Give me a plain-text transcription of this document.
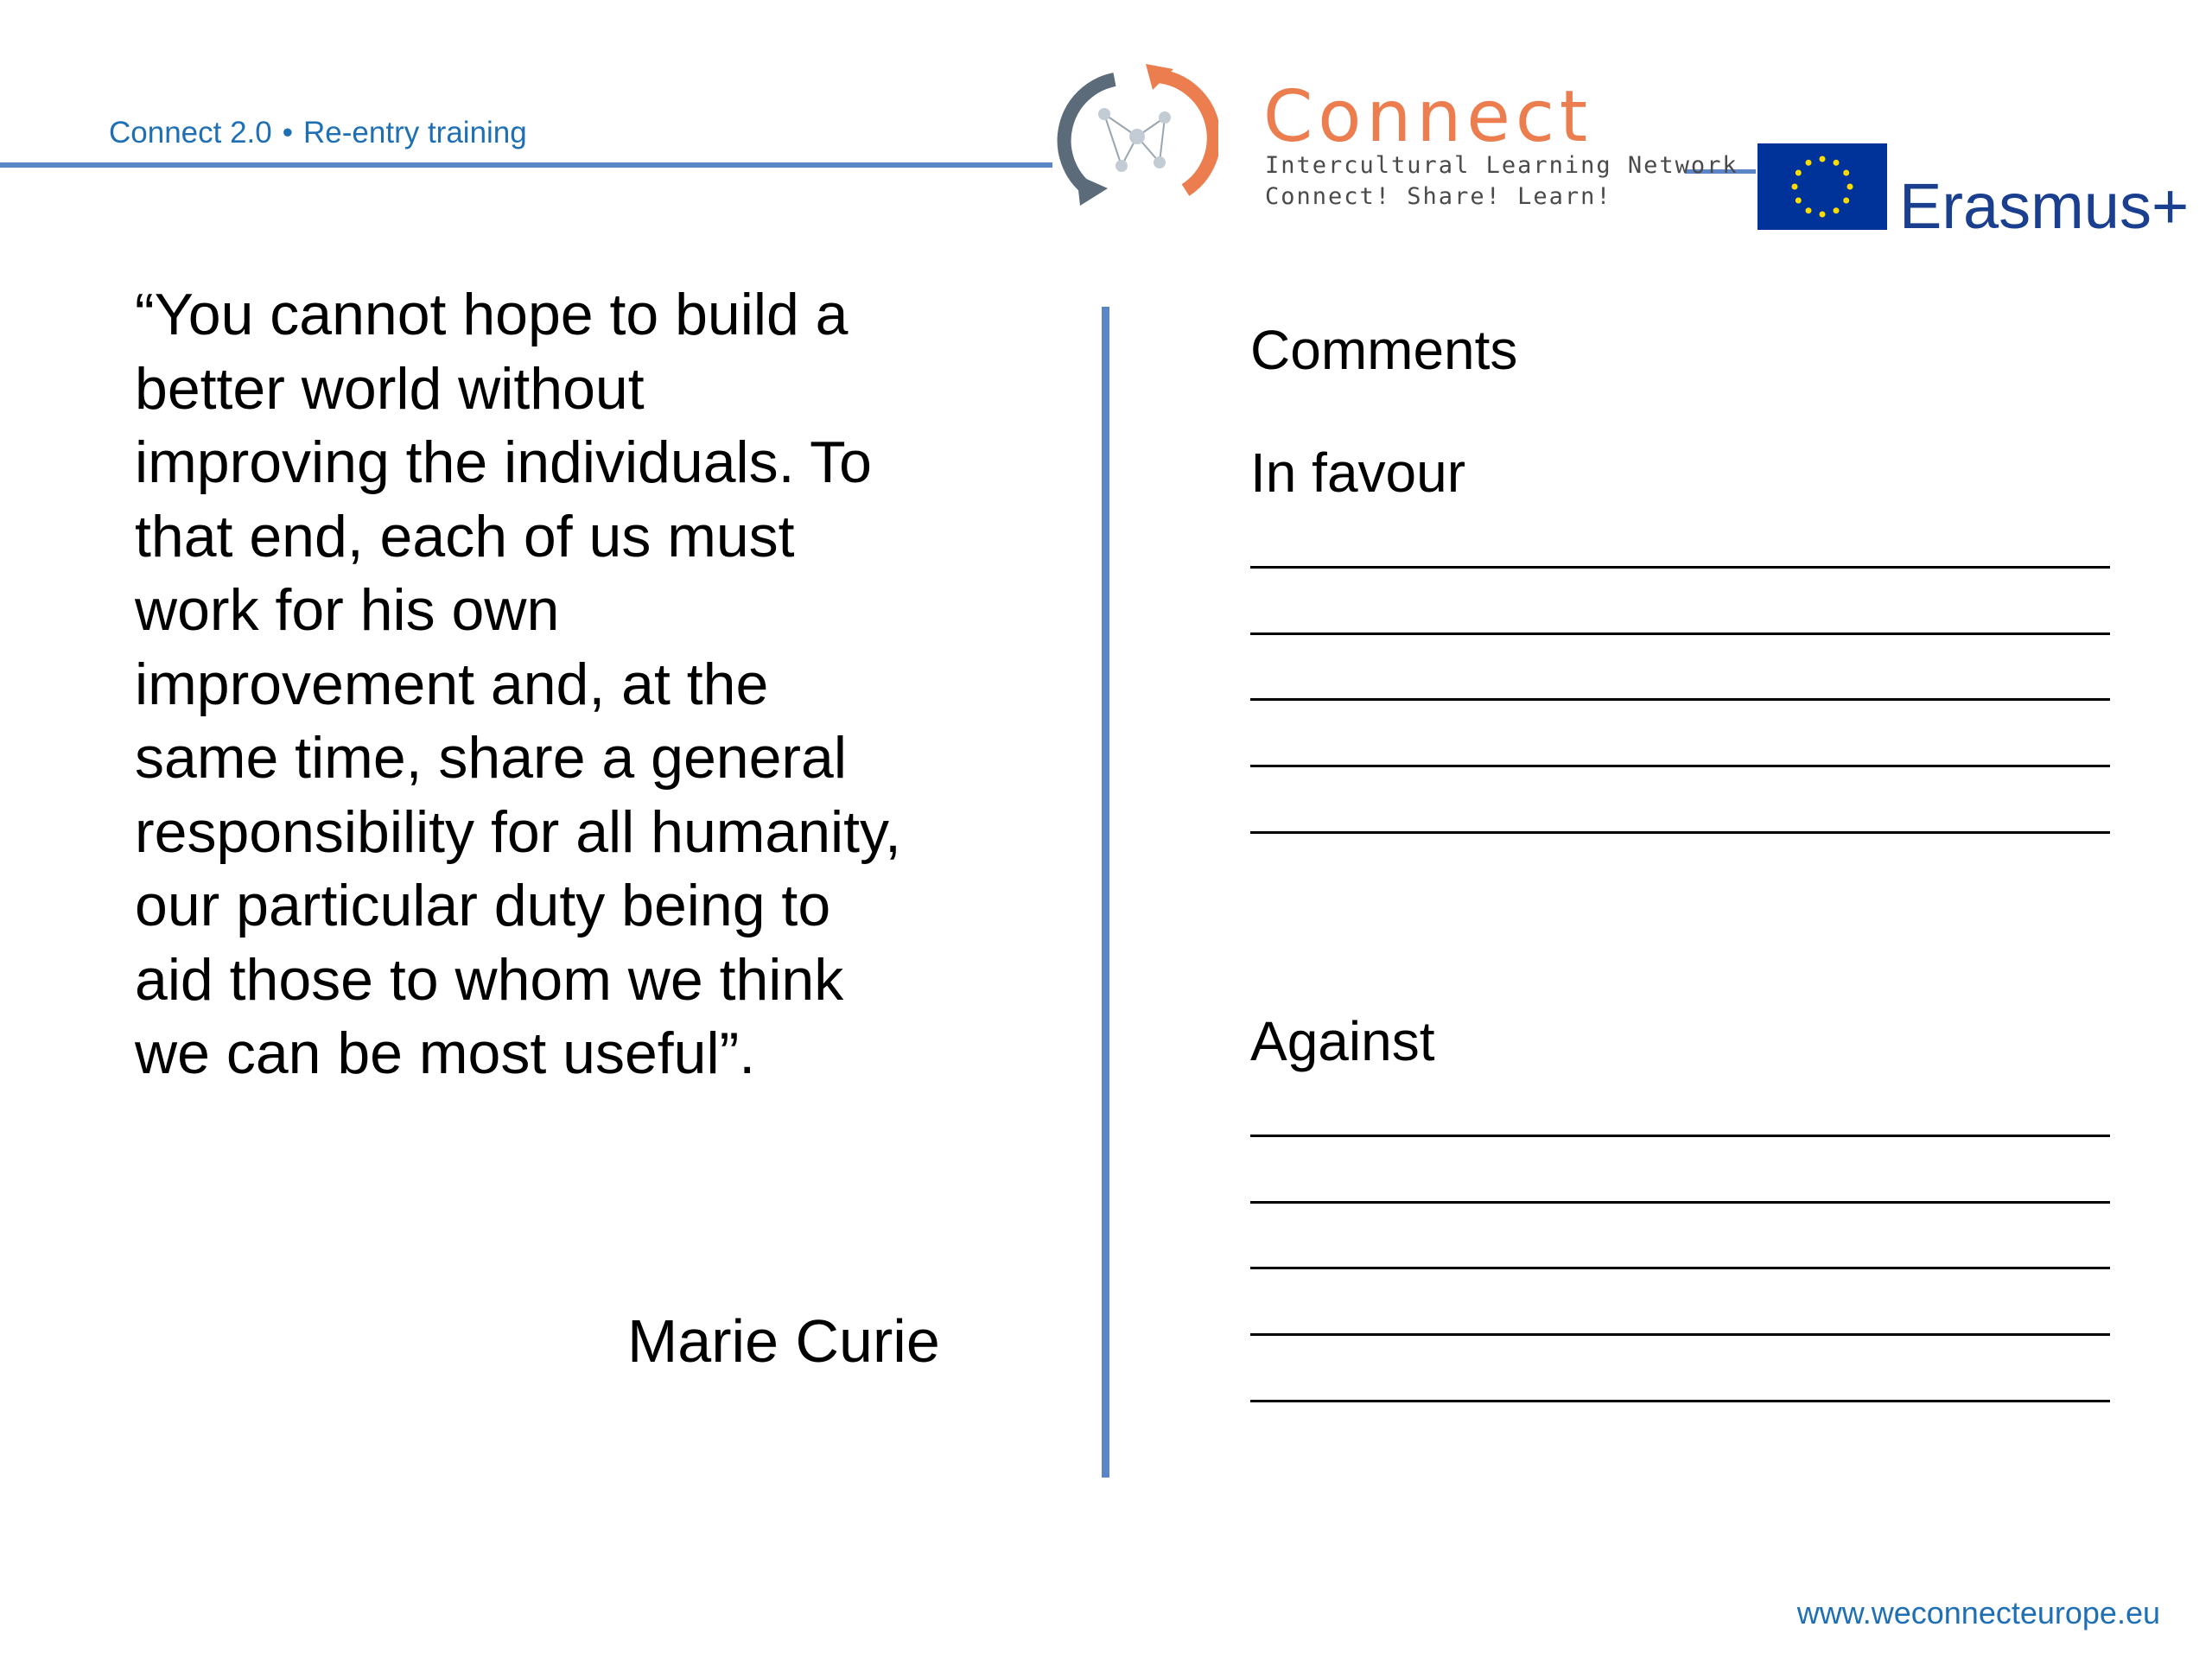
Connect 2.0 • Re-entry training	Connect
Intercultural Learning Network
Connect! Share! Learn!	Erasmus+
“You cannot hope to build a
better world without
improving the individuals. To
that end, each of us must
work for his own
improvement and, at the
same time, share a general
responsibility for all humanity,
our particular duty being to
aid those to whom we think
we can be most useful”.
Marie Curie
Comments
In favour
Against
www.weconnecteurope.eu
